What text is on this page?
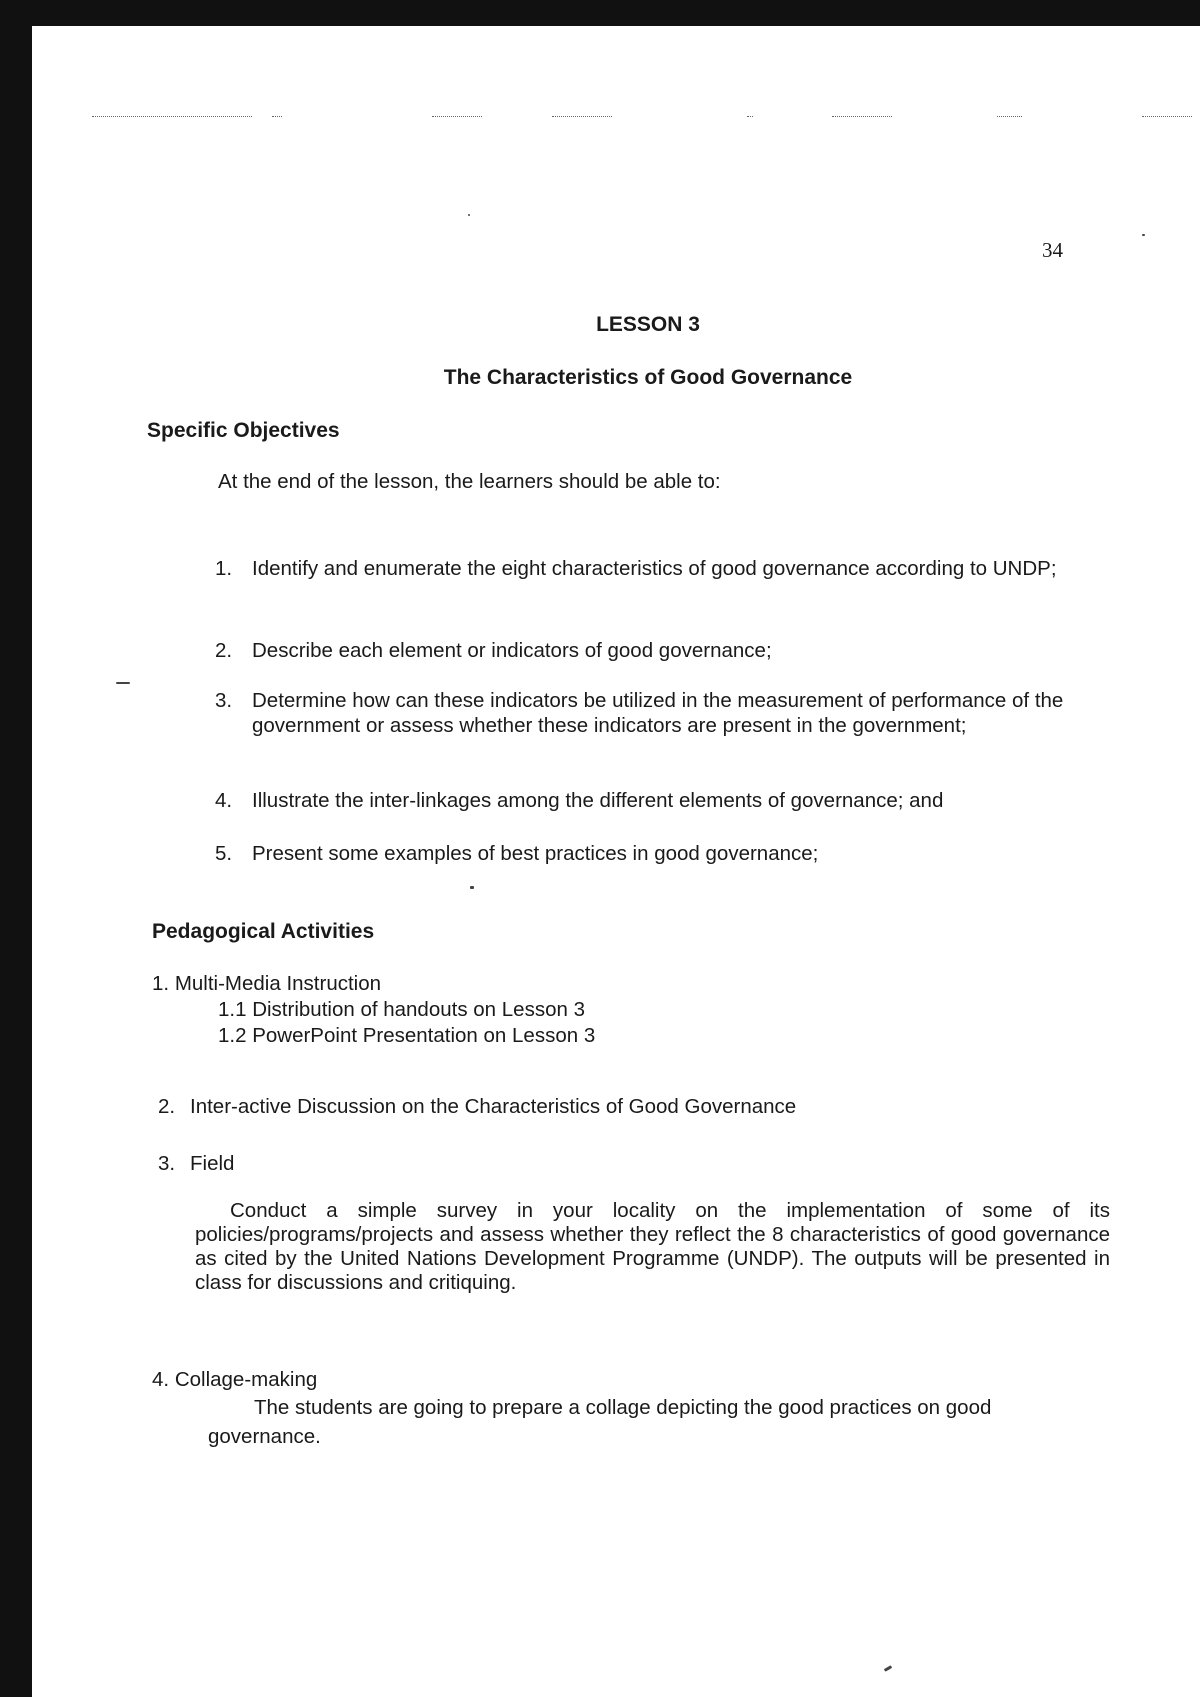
34
LESSON 3
The Characteristics of Good Governance
Specific Objectives
At the end of the lesson, the learners should be able to:
1. Identify and enumerate the eight characteristics of good governance according to UNDP;
2. Describe each element or indicators of good governance;
3. Determine how can these indicators be utilized in the measurement of performance of the government or assess whether these indicators are present in the government;
4. Illustrate the inter-linkages among the different elements of governance; and
5. Present some examples of best practices in good governance;
Pedagogical Activities
1. Multi-Media Instruction
1.1 Distribution of handouts on Lesson 3
1.2 PowerPoint Presentation on Lesson 3
2. Inter-active Discussion on the Characteristics of Good Governance
3. Field
Conduct a simple survey in your locality on the implementation of some of its policies/programs/projects and assess whether they reflect the 8 characteristics of good governance as cited by the United Nations Development Programme (UNDP). The outputs will be presented in class for discussions and critiquing.
4. Collage-making
The students are going to prepare a collage depicting the good practices on good governance.
